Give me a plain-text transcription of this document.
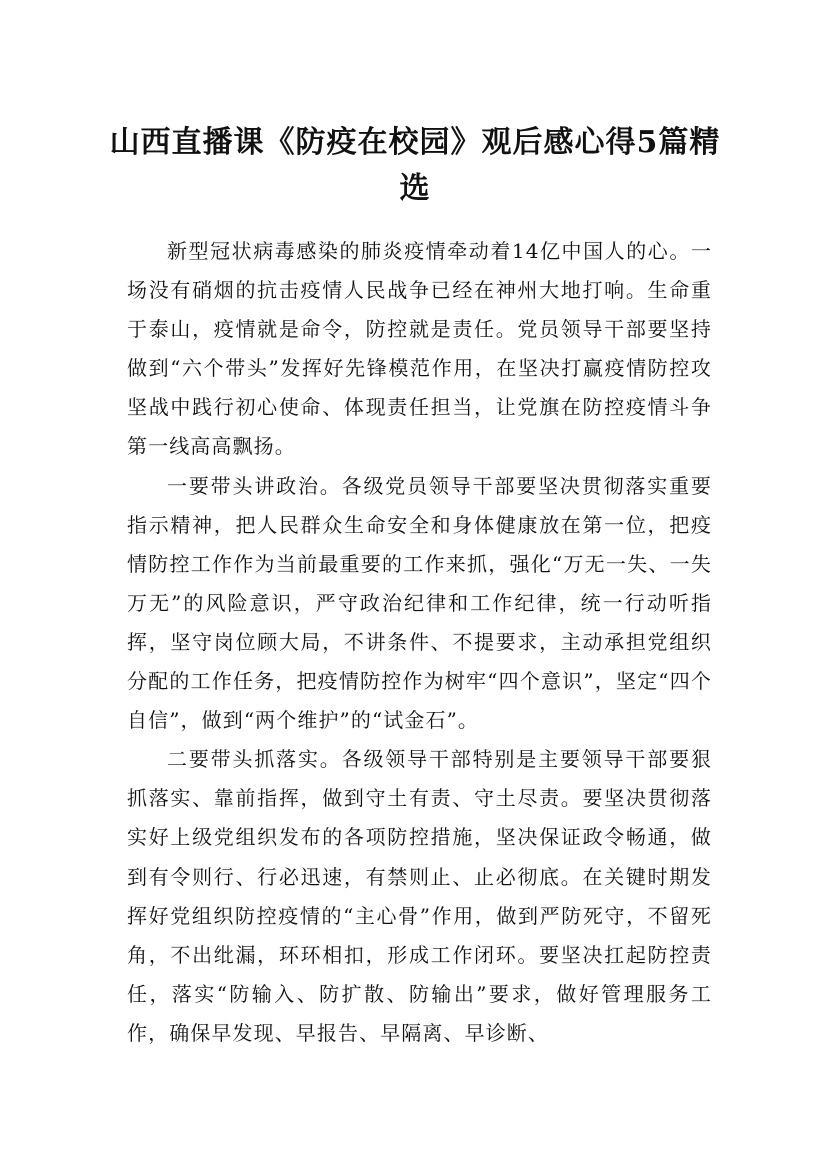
山西直播课《防疫在校园》观后感心得5篇精选

新型冠状病毒感染的肺炎疫情牵动着14亿中国人的心。一场没有硝烟的抗击疫情人民战争已经在神州大地打响。生命重于泰山，疫情就是命令，防控就是责任。党员领导干部要坚持做到“六个带头”发挥好先锋模范作用，在坚决打赢疫情防控攻坚战中践行初心使命、体现责任担当，让党旗在防控疫情斗争第一线高高飘扬。

一要带头讲政治。各级党员领导干部要坚决贯彻落实重要指示精神，把人民群众生命安全和身体健康放在第一位，把疫情防控工作作为当前最重要的工作来抓，强化“万无一失、一失万无”的风险意识，严守政治纪律和工作纪律，统一行动听指挥，坚守岗位顾大局，不讲条件、不提要求，主动承担党组织分配的工作任务，把疫情防控作为树牢“四个意识”，坚定“四个自信”，做到“两个维护”的“试金石”。

二要带头抓落实。各级领导干部特别是主要领导干部要狠抓落实、靠前指挥，做到守土有责、守土尽责。要坚决贯彻落实好上级党组织发布的各项防控措施，坚决保证政令畅通，做到有令则行、行必迅速，有禁则止、止必彻底。在关键时期发挥好党组织防控疫情的“主心骨”作用，做到严防死守，不留死角，不出纰漏，环环相扣，形成工作闭环。要坚决扛起防控责任，落实“防输入、防扩散、防输出”要求，做好管理服务工作，确保早发现、早报告、早隔离、早诊断、
